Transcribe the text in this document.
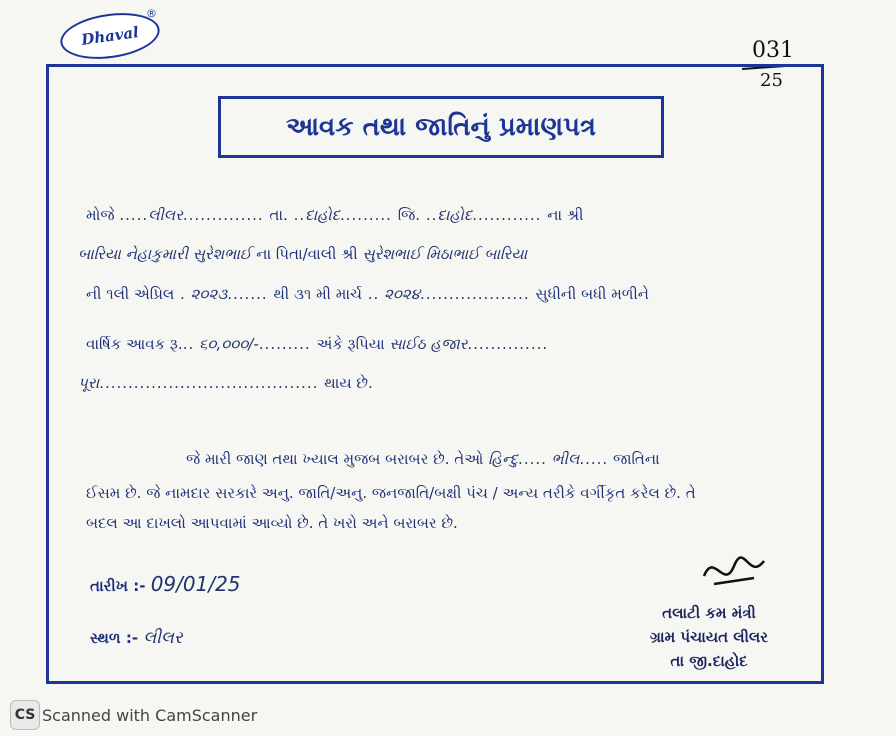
Dhaval
®
031
25
આવક તથા જાતિનું પ્રમાણપત્ર
મોજે .....લીલર.............. તા. ..દાહોદ......... જિ. ..દાહોદ............ ના શ્રી
બારિયા નેહાકુમારી સુરેશભાઈ ના પિતા/વાલી શ્રી સુરેશભાઈ મિઠાભાઈ બારિયા
ની ૧લી એપ્રિલ . ૨૦૨૩....... થી ૩૧ મી માર્ચ .. ૨૦૨૪................... સુધીની બધી મળીને
વાર્ષિક આવક રૂ... ૬૦,૦૦૦/-......... અંકે રૂપિયા સાઈઠ હજાર..............
પૂરા...................................... થાય છે.
જે મારી જાણ તથા ખ્યાલ મુજબ બરાબર છે. તેઓ હિન્દુ..... ભીલ..... જાતિના
ઈસમ છે. જે નામદાર સરકારે અનુ. જાતિ/અનુ. જનજાતિ/બક્ષી પંચ / અન્ય તરીકે વર્ગીકૃત કરેલ છે. તે
બદલ આ દાખલો આપવામાં આવ્યો છે. તે ખરો અને બરાબર છે.
તારીખ :- 09/01/25
સ્થળ :- લીલર
તલાટી કમ મંત્રી
ગ્રામ પંચાયત લીલર
તા જી.દાહોદ
CS Scanned with CamScanner
